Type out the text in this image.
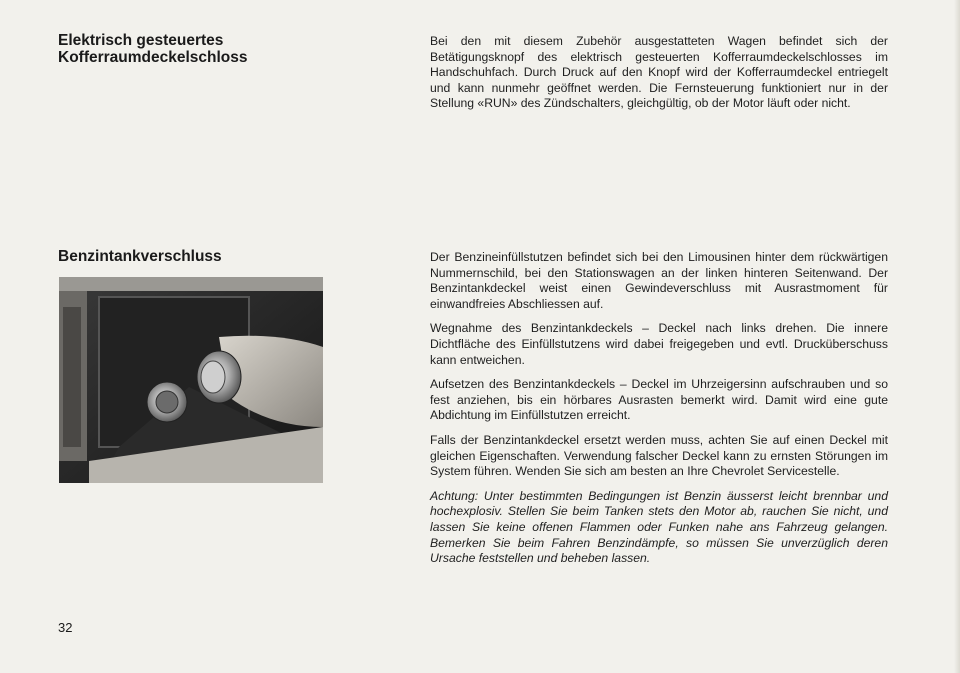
Elektrisch gesteuertes
Kofferraumdeckelschloss

Bei den mit diesem Zubehör ausgestatteten Wagen befindet sich der Betätigungsknopf des elektrisch gesteuerten Kofferraumdeckelschlosses im Handschuhfach. Durch Druck auf den Knopf wird der Kofferraumdeckel entriegelt und kann nunmehr geöffnet werden. Die Fernsteuerung funktioniert nur in der Stellung «RUN» des Zündschalters, gleichgültig, ob der Motor läuft oder nicht.

Benzintankverschluss	Der Benzineinfüllstutzen befindet sich bei den Limousinen hinter dem rückwärtigen Nummernschild, bei den Stationswagen an der linken hinteren Seitenwand. Der Benzintankdeckel weist einen Gewindeverschluss mit Ausrastmoment für einwandfreies Abschliessen auf.

Wegnahme des Benzintankdeckels – Deckel nach links drehen. Die innere Dichtfläche des Einfüllstutzens wird dabei freigegeben und evtl. Drucküberschuss kann entweichen.

Aufsetzen des Benzintankdeckels – Deckel im Uhrzeigersinn aufschrauben und so fest anziehen, bis ein hörbares Ausrasten bemerkt wird. Damit wird eine gute Abdichtung im Einfüllstutzen erreicht.

Falls der Benzintankdeckel ersetzt werden muss, achten Sie auf einen Deckel mit gleichen Eigenschaften. Verwendung falscher Deckel kann zu ernsten Störungen im System führen. Wenden Sie sich am besten an Ihre Chevrolet Servicestelle.

Achtung: Unter bestimmten Bedingungen ist Benzin äusserst leicht brennbar und hochexplosiv. Stellen Sie beim Tanken stets den Motor ab, rauchen Sie nicht, und lassen Sie keine offenen Flammen oder Funken nahe ans Fahrzeug gelangen. Bemerken Sie beim Fahren Benzindämpfe, so müssen Sie unverzüglich deren Ursache feststellen und beheben lassen.

32
